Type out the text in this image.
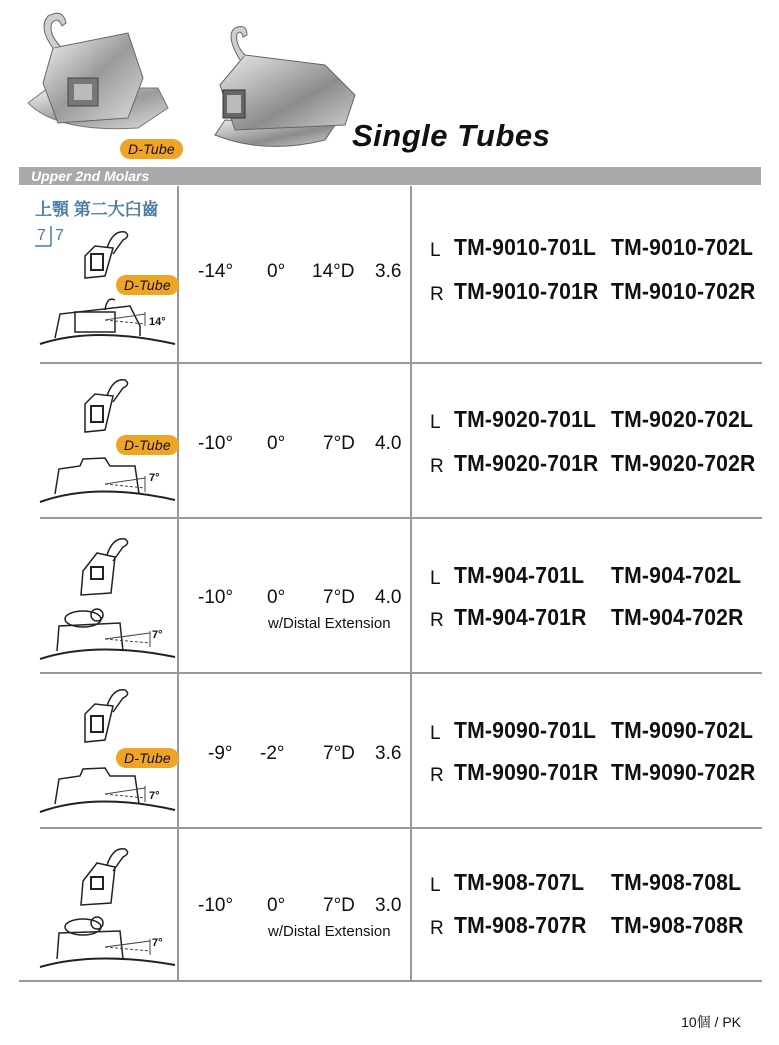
D-Tube	Single Tubes
Upper 2nd Molars
上顎 第二大臼齒
7 7
D-Tube
14°
-14° 0° 14°D 3.6
L TM-9010-701L TM-9010-702L
R TM-9010-701R TM-9010-702R
D-Tube
7°
-10° 0° 7°D 4.0
L TM-9020-701L TM-9020-702L
R TM-9020-701R TM-9020-702R
7°
-10° 0° 7°D 4.0
w/Distal Extension
L TM-904-701L TM-904-702L
R TM-904-701R TM-904-702R
D-Tube
7°
-9° -2° 7°D 3.6
L TM-9090-701L TM-9090-702L
R TM-9090-701R TM-9090-702R
7°
-10° 0° 7°D 3.0
w/Distal Extension
L TM-908-707L TM-908-708L
R TM-908-707R TM-908-708R
10個 / PK
